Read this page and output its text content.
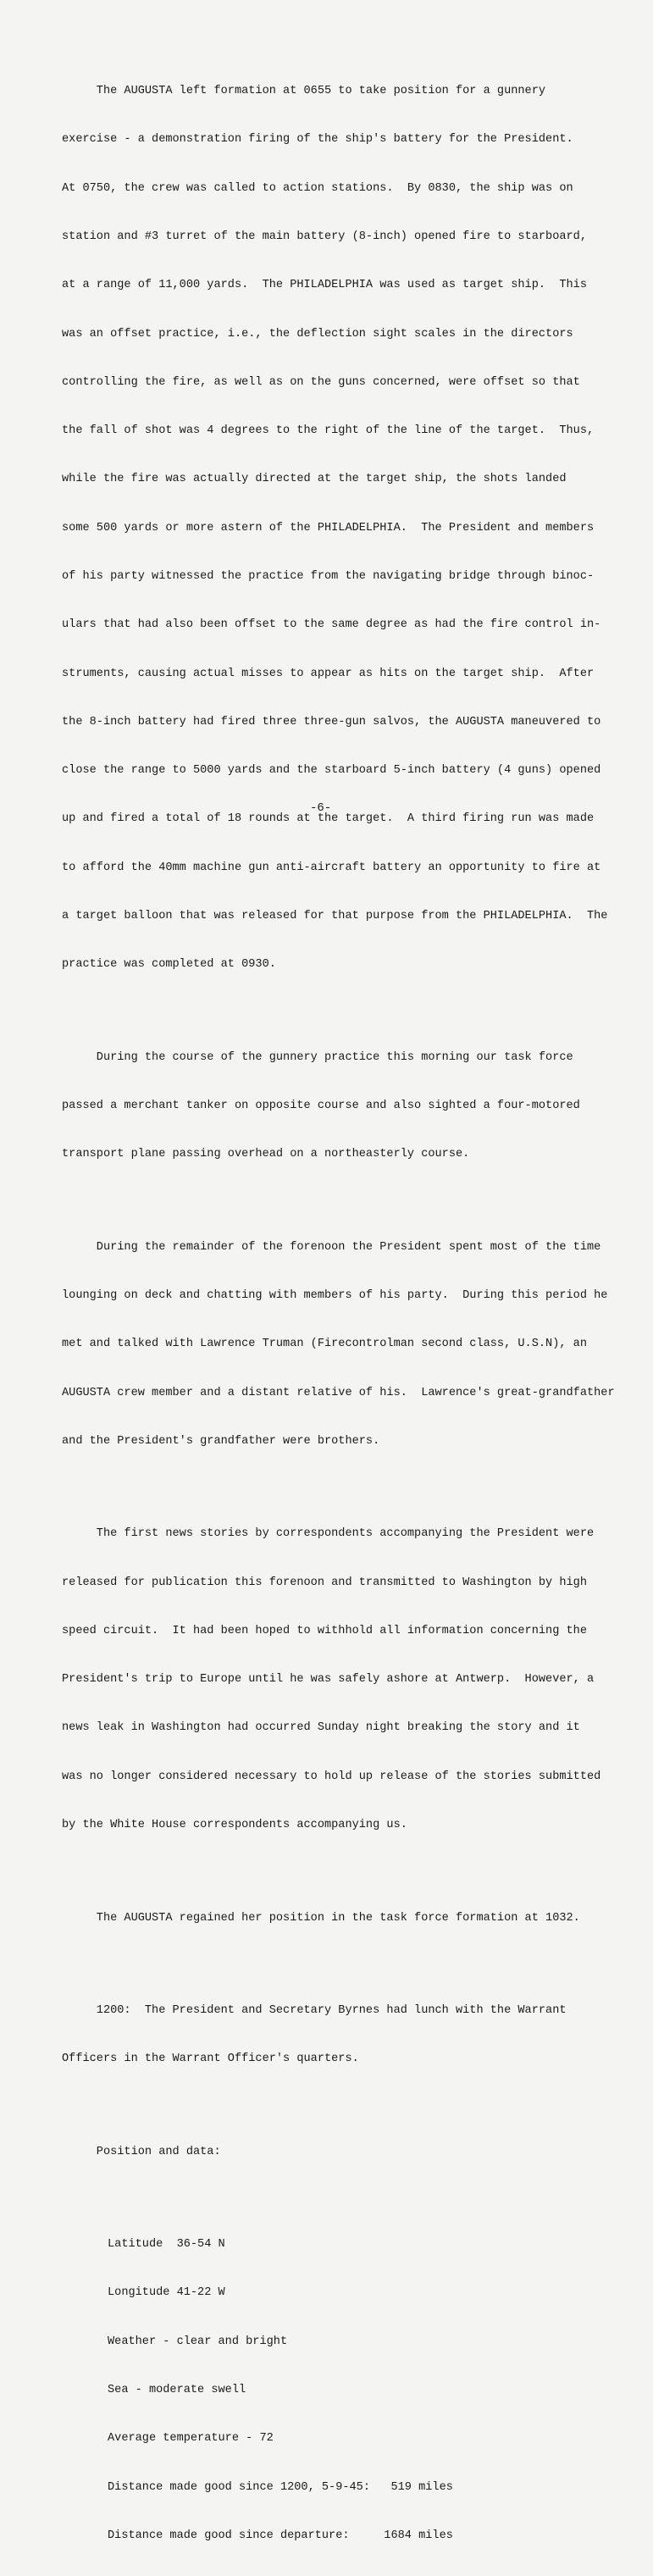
The AUGUSTA left formation at 0655 to take position for a gunnery

exercise - a demonstration firing of the ship's battery for the President.

At 0750, the crew was called to action stations.  By 0830, the ship was on

station and #3 turret of the main battery (8-inch) opened fire to starboard,

at a range of 11,000 yards.  The PHILADELPHIA was used as target ship.  This

was an offset practice, i.e., the deflection sight scales in the directors

controlling the fire, as well as on the guns concerned, were offset so that

the fall of shot was 4 degrees to the right of the line of the target.  Thus,

while the fire was actually directed at the target ship, the shots landed

some 500 yards or more astern of the PHILADELPHIA.  The President and members

of his party witnessed the practice from the navigating bridge through binoc-

ulars that had also been offset to the same degree as had the fire control in-

struments, causing actual misses to appear as hits on the target ship.  After

the 8-inch battery had fired three three-gun salvos, the AUGUSTA maneuvered to

close the range to 5000 yards and the starboard 5-inch battery (4 guns) opened

up and fired a total of 18 rounds at the target.  A third firing run was made

to afford the 40mm machine gun anti-aircraft battery an opportunity to fire at

a target balloon that was released for that purpose from the PHILADELPHIA.  The

practice was completed at 0930.

During the course of the gunnery practice this morning our task force

passed a merchant tanker on opposite course and also sighted a four-motored

transport plane passing overhead on a northeasterly course.

During the remainder of the forenoon the President spent most of the time

lounging on deck and chatting with members of his party.  During this period he

met and talked with Lawrence Truman (Firecontrolman second class, U.S.N), an

AUGUSTA crew member and a distant relative of his.  Lawrence's great-grandfather

and the President's grandfather were brothers.

The first news stories by correspondents accompanying the President were

released for publication this forenoon and transmitted to Washington by high

speed circuit.  It had been hoped to withhold all information concerning the

President's trip to Europe until he was safely ashore at Antwerp.  However, a

news leak in Washington had occurred Sunday night breaking the story and it

was no longer considered necessary to hold up release of the stories submitted

by the White House correspondents accompanying us.

The AUGUSTA regained her position in the task force formation at 1032.

1200:  The President and Secretary Byrnes had lunch with the Warrant

Officers in the Warrant Officer's quarters.

Position and data:

Latitude  36-54 N

Longitude 41-22 W

Weather - clear and bright

Sea - moderate swell

Average temperature - 72

Distance made good since 1200, 5-9-45:   519 miles

Distance made good since departure:     1684 miles

-6-
